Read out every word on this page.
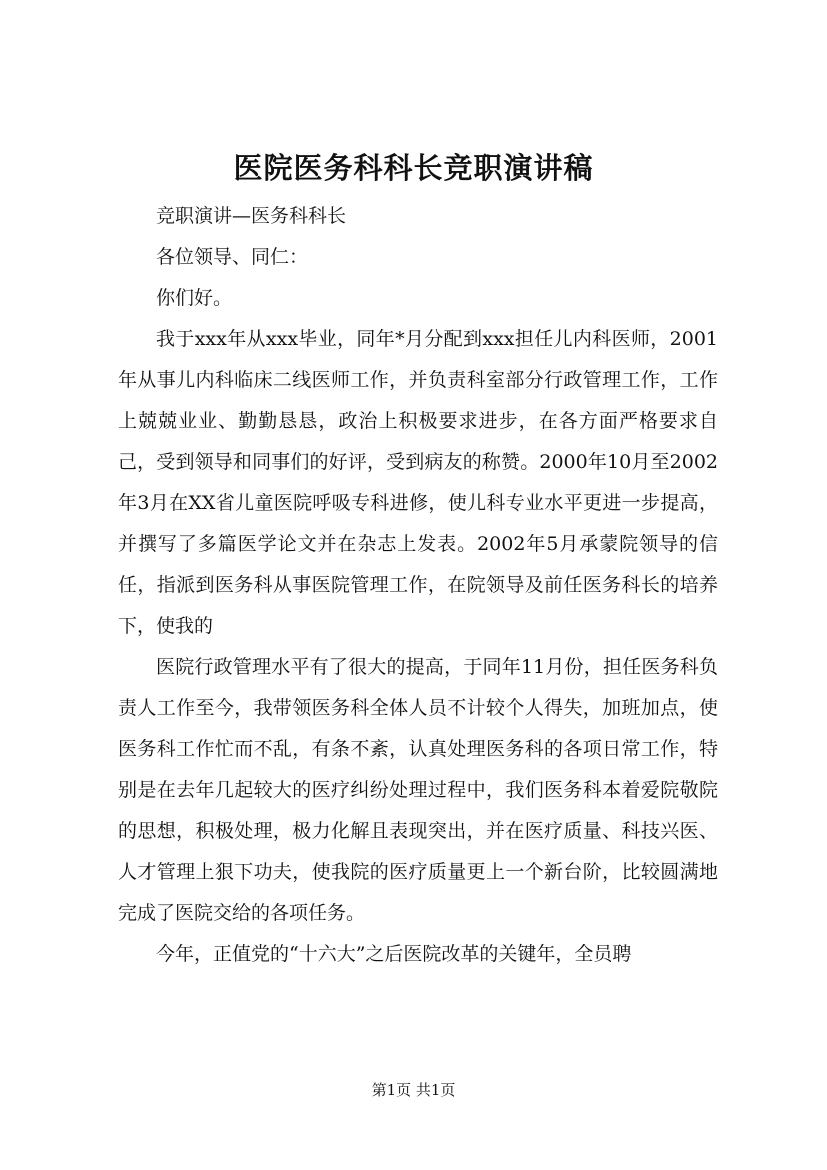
医院医务科科长竞职演讲稿

竞职演讲—医务科科长

各位领导、同仁：

你们好。

我于xxx年从xxx毕业，同年*月分配到xxx担任儿内科医师，2001年从事儿内科临床二线医师工作，并负责科室部分行政管理工作，工作上兢兢业业、勤勤恳恳，政治上积极要求进步，在各方面严格要求自己，受到领导和同事们的好评，受到病友的称赞。2000年10月至2002年3月在XX省儿童医院呼吸专科进修，使儿科专业水平更进一步提高，并撰写了多篇医学论文并在杂志上发表。2002年5月承蒙院领导的信任，指派到医务科从事医院管理工作，在院领导及前任医务科长的培养下，使我的

医院行政管理水平有了很大的提高，于同年11月份，担任医务科负责人工作至今，我带领医务科全体人员不计较个人得失，加班加点，使医务科工作忙而不乱，有条不紊，认真处理医务科的各项日常工作，特别是在去年几起较大的医疗纠纷处理过程中，我们医务科本着爱院敬院的思想，积极处理，极力化解且表现突出，并在医疗质量、科技兴医、人才管理上狠下功夫，使我院的医疗质量更上一个新台阶，比较圆满地完成了医院交给的各项任务。

今年，正值党的“十六大”之后医院改革的关键年，全员聘

第1页 共1页
